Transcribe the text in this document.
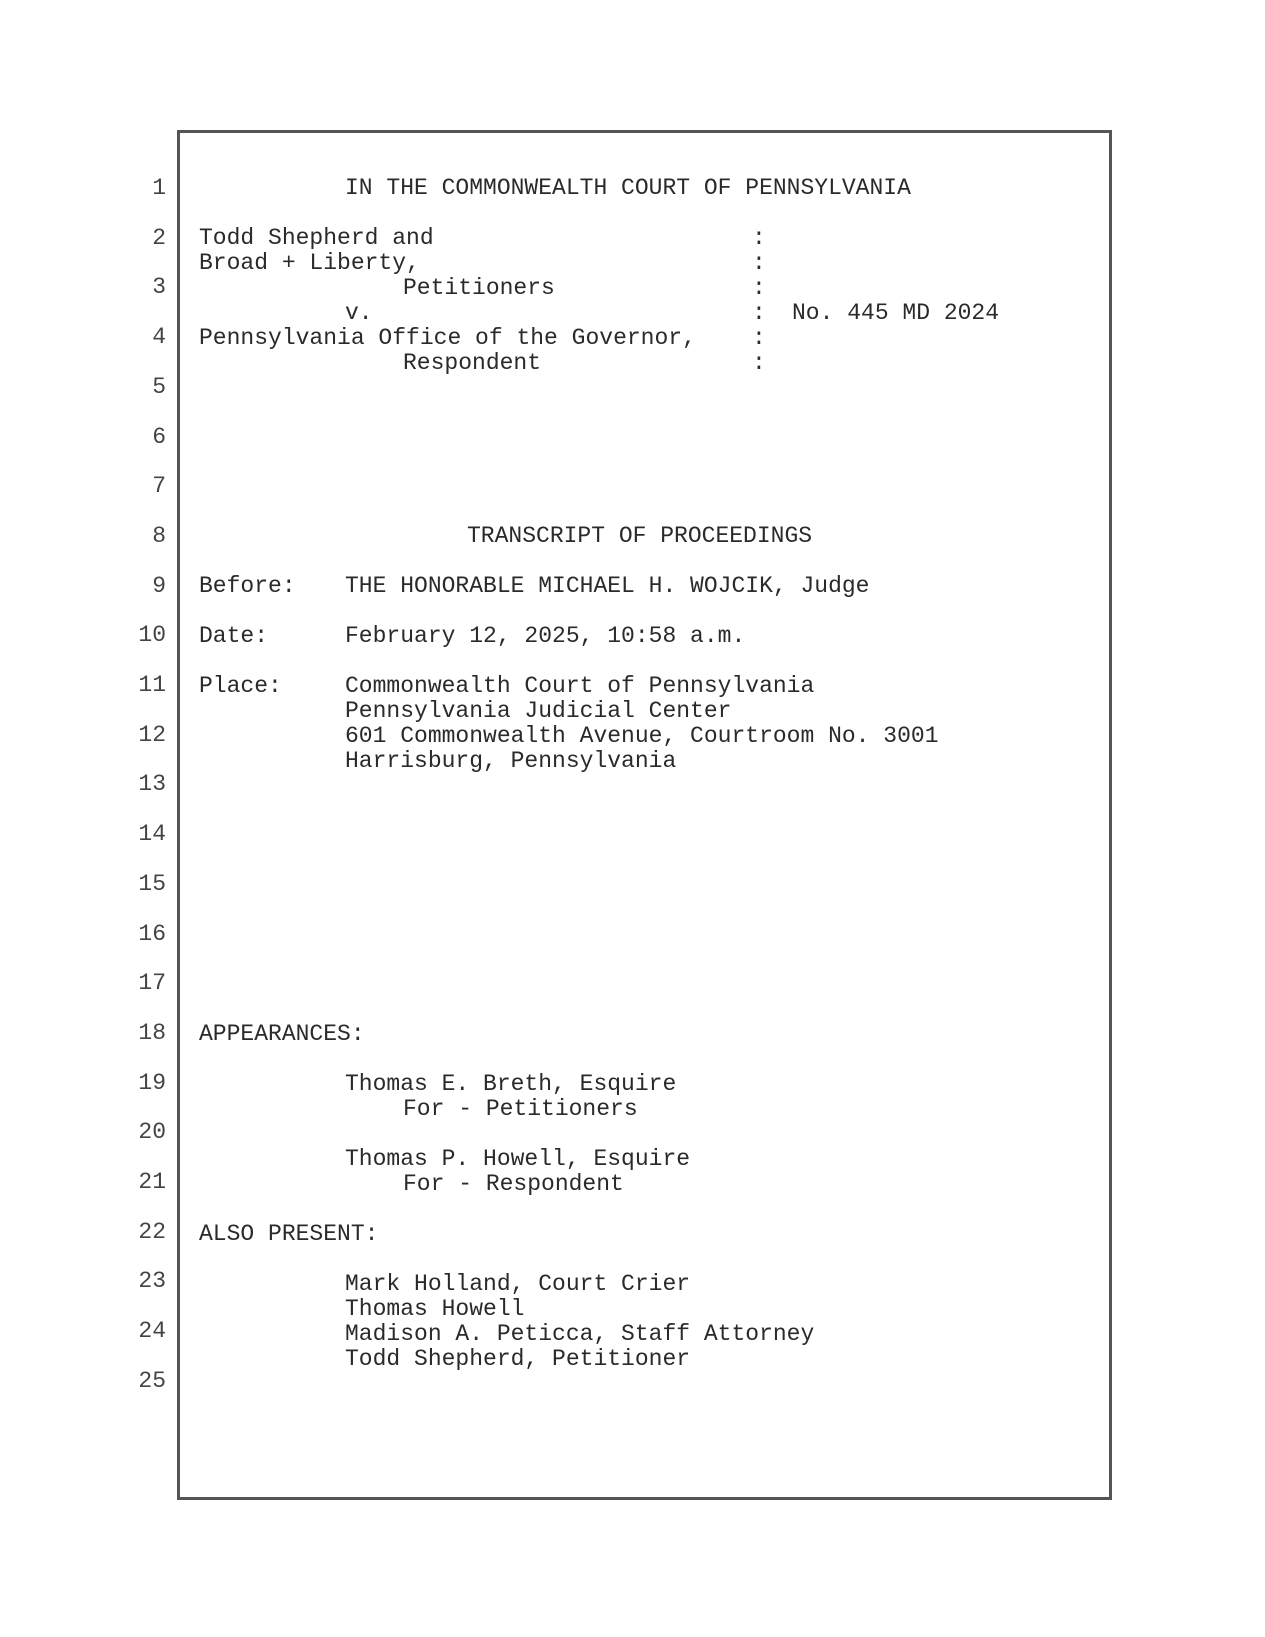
1
2
3
4
5
6
7
8
9
10
11
12
13
14
15
16
17
18
19
20
21
22
23
24
25
IN THE COMMONWEALTH COURT OF PENNSYLVANIA
Todd Shepherd and
Broad + Liberty,
Petitioners
v.
Pennsylvania Office of the Governor,
Respondent
:
:
:
:
:
:
No. 445 MD 2024
TRANSCRIPT OF PROCEEDINGS
Before: THE HONORABLE MICHAEL H. WOJCIK, Judge
Date:	February 12, 2025, 10:58 a.m.
Place:	Commonwealth Court of Pennsylvania
Pennsylvania Judicial Center
601 Commonwealth Avenue, Courtroom No. 3001
Harrisburg, Pennsylvania
APPEARANCES:
Thomas E. Breth, Esquire
For - Petitioners
Thomas P. Howell, Esquire
For - Respondent
ALSO PRESENT:
Mark Holland, Court Crier
Thomas Howell
Madison A. Peticca, Staff Attorney
Todd Shepherd, Petitioner
